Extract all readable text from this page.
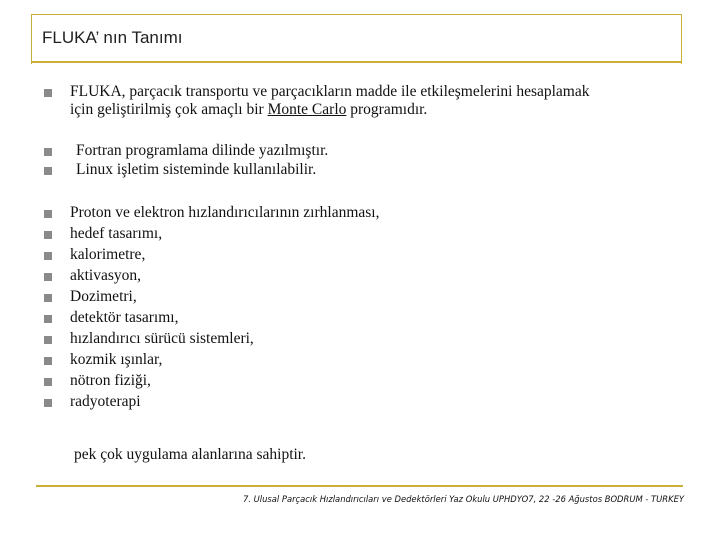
FLUKA’ nın Tanımı
FLUKA, parçacık transportu ve parçacıkların madde ile etkileşmelerini hesaplamak
için geliştirilmiş çok amaçlı bir Monte Carlo programıdır.
Fortran programlama dilinde yazılmıştır.
Linux işletim sisteminde kullanılabilir.
Proton ve elektron hızlandırıcılarının zırhlanması,
hedef tasarımı,
kalorimetre,
aktivasyon,
Dozimetri,
detektör tasarımı,
hızlandırıcı sürücü sistemleri,
kozmik ışınlar,
nötron fiziği,
radyoterapi
pek çok uygulama alanlarına sahiptir.
7. Ulusal Parçacık Hızlandırıcıları ve Dedektörleri Yaz Okulu UPHDYO7, 22 -26 Ağustos BODRUM - TURKEY
